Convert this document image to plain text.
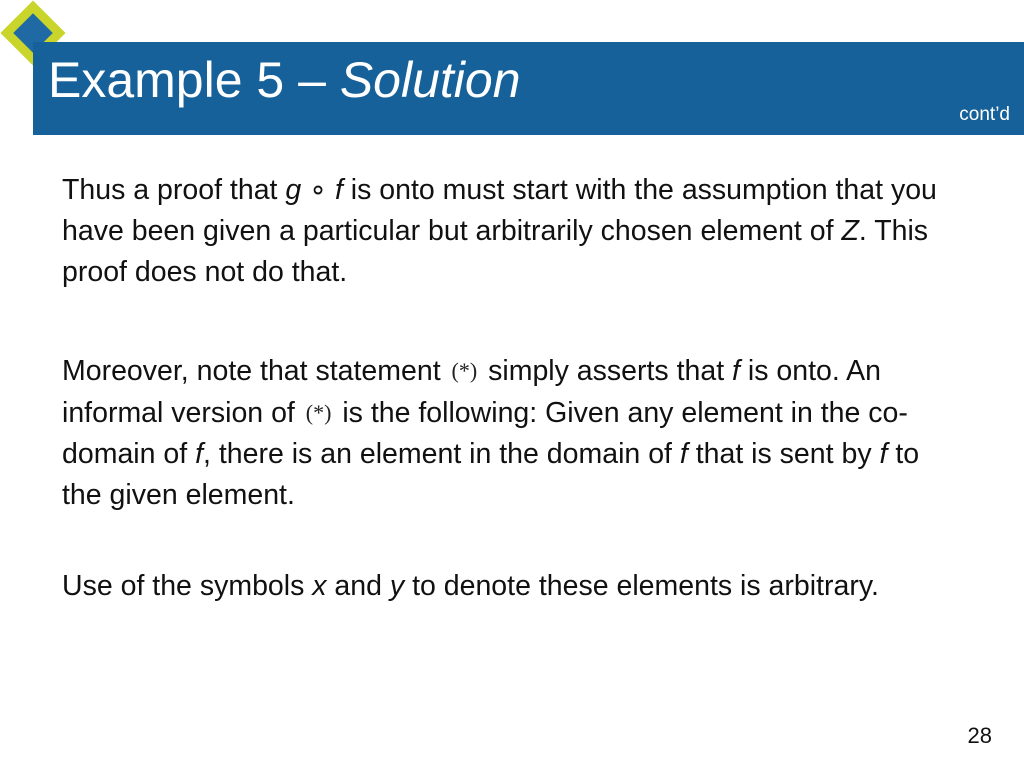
Example 5 – Solution
cont’d
Thus a proof that g ∘ f is onto must start with the assumption that you have been given a particular but arbitrarily chosen element of Z. This proof does not do that.
Moreover, note that statement (*) simply asserts that f is onto. An informal version of (*) is the following: Given any element in the co-domain of f, there is an element in the domain of f that is sent by f to the given element.
Use of the symbols x and y to denote these elements is arbitrary.
28
